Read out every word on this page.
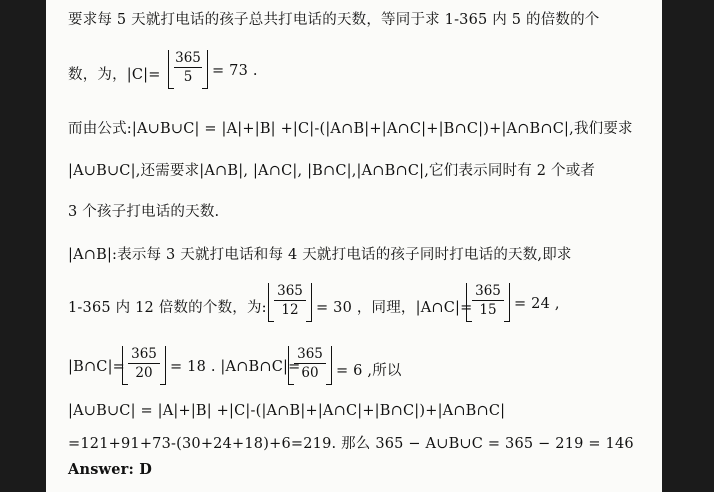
要求每 5 天就打电话的孩子总共打电话的天数，等同于求 1-365 内 5 的倍数的个
数，为，|C|=
365
5 = 73 .
而由公式:|A∪B∪C| = |A|+|B| +|C|-(|A∩B|+|A∩C|+|B∩C|)+|A∩B∩C|,我们要求
|A∪B∪C|,还需要求|A∩B|, |A∩C|, |B∩C|,|A∩B∩C|,它们表示同时有 2 个或者
3 个孩子打电话的天数.
|A∩B|:表示每 3 天就打电话和每 4 天就打电话的孩子同时打电话的天数,即求
1-365 内 12 倍数的个数，为:
365
12 = 30 ，同理，|A∩C|=
365
15 = 24 ,
|B∩C|=
365
20 = 18 . |A∩B∩C|=
365
60 = 6 ,所以
|A∪B∪C| = |A|+|B| +|C|-(|A∩B|+|A∩C|+|B∩C|)+|A∩B∩C|
=121+91+73-(30+24+18)+6=219. 那么 365 − A∪B∪C = 365 − 219 = 146
Answer: D
